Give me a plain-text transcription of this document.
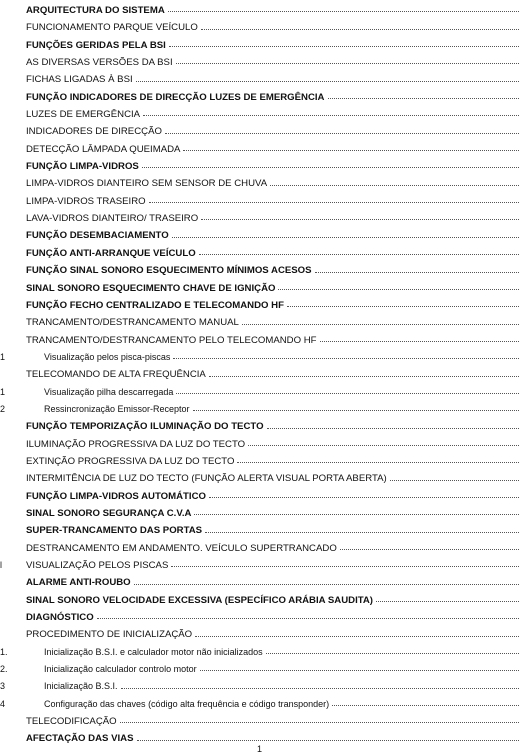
ARQUITECTURA DO SISTEMA
FUNCIONAMENTO PARQUE VEÍCULO
FUNÇÕES GERIDAS PELA BSI
AS DIVERSAS VERSÕES DA BSI
FICHAS LIGADAS À BSI
FUNÇÃO INDICADORES DE DIRECÇÃO LUZES DE EMERGÊNCIA
LUZES DE EMERGÊNCIA
INDICADORES DE DIRECÇÃO
DETECÇÃO LÂMPADA QUEIMADA
FUNÇÃO LIMPA-VIDROS
LIMPA-VIDROS DIANTEIRO SEM SENSOR DE CHUVA
LIMPA-VIDROS TRASEIRO
LAVA-VIDROS DIANTEIRO/ TRASEIRO
FUNÇÃO DESEMBACIAMENTO
FUNÇÃO ANTI-ARRANQUE VEÍCULO
FUNÇÃO SINAL SONORO ESQUECIMENTO MÍNIMOS ACESOS
SINAL SONORO ESQUECIMENTO CHAVE DE IGNIÇÃO
FUNÇÃO FECHO CENTRALIZADO E TELECOMANDO HF
TRANCAMENTO/DESTRANCAMENTO MANUAL
TRANCAMENTO/DESTRANCAMENTO PELO TELECOMANDO HF
1	Visualização pelos pisca-piscas
TELECOMANDO DE ALTA FREQUÊNCIA
1	Visualização pilha descarregada
2	Ressincronização Emissor-Receptor
FUNÇÃO TEMPORIZAÇÃO ILUMINAÇÃO DO TECTO
ILUMINAÇÃO PROGRESSIVA DA LUZ DO TECTO
EXTINÇÃO PROGRESSIVA DA LUZ DO TECTO
INTERMITÊNCIA DE LUZ DO TECTO (FUNÇÃO ALERTA VISUAL PORTA ABERTA)
FUNÇÃO LIMPA-VIDROS AUTOMÁTICO
SINAL SONORO SEGURANÇA C.V.A
SUPER-TRANCAMENTO DAS PORTAS
DESTRANCAMENTO EM ANDAMENTO. VEÍCULO SUPERTRANCADO
l	VISUALIZAÇÃO PELOS PISCAS
ALARME ANTI-ROUBO
SINAL SONORO VELOCIDADE EXCESSIVA (ESPECÍFICO ARÁBIA SAUDITA)
DIAGNÓSTICO
PROCEDIMENTO DE INICIALIZAÇÃO
1.	Inicialização B.S.I. e calculador motor não inicializados
2.	Inicialização calculador controlo motor
3	Inicialização B.S.I.
4	Configuração das chaves (código alta frequência e código transponder)
TELECODIFICAÇÃO
AFECTAÇÃO DAS VIAS
1
